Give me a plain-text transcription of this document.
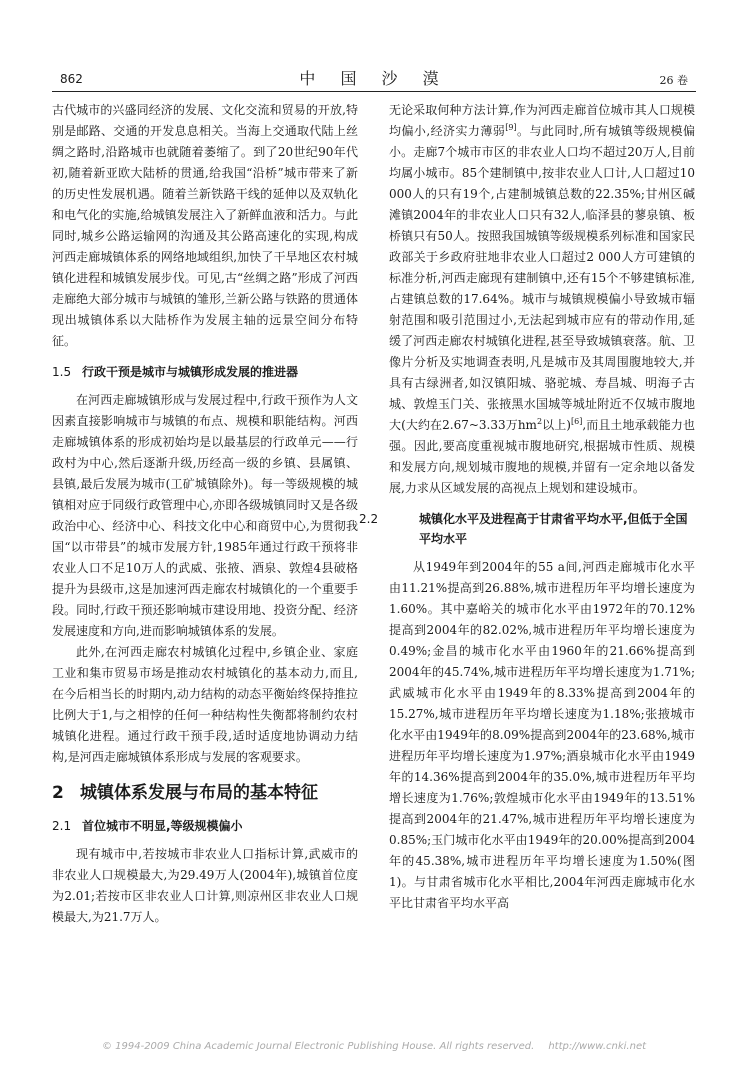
862	中 国 沙 漠	26 卷

古代城市的兴盛同经济的发展、文化交流和贸易的开放,特别是邮路、交通的开发息息相关。当海上交通取代陆上丝绸之路时,沿路城市也就随着萎缩了。到了20世纪90年代初,随着新亚欧大陆桥的贯通,给我国“沿桥”城市带来了新的历史性发展机遇。随着兰新铁路干线的延伸以及双轨化和电气化的实施,给城镇发展注入了新鲜血液和活力。与此同时,城乡公路运输网的沟通及其公路高速化的实现,构成河西走廊城镇体系的网络地域组织,加快了干旱地区农村城镇化进程和城镇发展步伐。可见,古“丝绸之路”形成了河西走廊绝大部分城市与城镇的雏形,兰新公路与铁路的贯通体现出城镇体系以大陆桥作为发展主轴的远景空间分布特征。

1.5 行政干预是城市与城镇形成发展的推进器

在河西走廊城镇形成与发展过程中,行政干预作为人文因素直接影响城市与城镇的布点、规模和职能结构。河西走廊城镇体系的形成初始均是以最基层的行政单元——行政村为中心,然后逐渐升级,历经高一级的乡镇、县属镇、县镇,最后发展为城市(工矿城镇除外)。每一等级规模的城镇相对应于同级行政管理中心,亦即各级城镇同时又是各级政治中心、经济中心、科技文化中心和商贸中心,为贯彻我国“以市带县”的城市发展方针,1985年通过行政干预将非农业人口不足10万人的武威、张掖、酒泉、敦煌4县破格提升为县级市,这是加速河西走廊农村城镇化的一个重要手段。同时,行政干预还影响城市建设用地、投资分配、经济发展速度和方向,进而影响城镇体系的发展。

此外,在河西走廊农村城镇化过程中,乡镇企业、家庭工业和集市贸易市场是推动农村城镇化的基本动力,而且,在今后相当长的时期内,动力结构的动态平衡始终保持推拉比例大于1,与之相悖的任何一种结构性失衡都将制约农村城镇化进程。通过行政干预手段,适时适度地协调动力结构,是河西走廊城镇体系形成与发展的客观要求。

2 城镇体系发展与布局的基本特征
2.1 首位城市不明显,等级规模偏小

现有城市中,若按城市非农业人口指标计算,武威市的非农业人口规模最大,为29.49万人(2004年),城镇首位度为2.01;若按市区非农业人口计算,则凉州区非农业人口规模最大,为21.7万人。

无论采取何种方法计算,作为河西走廊首位城市其人口规模均偏小,经济实力薄弱[9]。与此同时,所有城镇等级规模偏小。走廊7个城市市区的非农业人口均不超过20万人,目前均属小城市。85个建制镇中,按非农业人口计,人口超过10 000人的只有19个,占建制城镇总数的22.35%;甘州区碱滩镇2004年的非农业人口只有32人,临泽县的蓼泉镇、板桥镇只有50人。按照我国城镇等级规模系列标准和国家民政部关于乡政府驻地非农业人口超过2 000人方可建镇的标准分析,河西走廊现有建制镇中,还有15个不够建镇标准,占建镇总数的17.64%。城市与城镇规模偏小导致城市辐射范围和吸引范围过小,无法起到城市应有的带动作用,延缓了河西走廊农村城镇化进程,甚至导致城镇衰落。航、卫像片分析及实地调查表明,凡是城市及其周围腹地较大,并具有古绿洲者,如汉镇阳城、骆驼城、寿昌城、明海子古城、敦煌玉门关、张掖黑水国城等城址附近不仅城市腹地大(大约在2.67~3.33万$hm^2$以上)[6],而且土地承载能力也强。因此,要高度重视城市腹地研究,根据城市性质、规模和发展方向,规划城市腹地的规模,并留有一定余地以备发展,力求从区域发展的高视点上规划和建设城市。

2.2	城镇化水平及进程高于甘肃省平均水平,但低于全国平均水平

从1949年到2004年的55 a间,河西走廊城市化水平由11.21%提高到26.88%,城市进程历年平均增长速度为1.60%。其中嘉峪关的城市化水平由1972年的70.12%提高到2004年的82.02%,城市进程历年平均增长速度为0.49%;金昌的城市化水平由1960年的21.66%提高到2004年的45.74%,城市进程历年平均增长速度为1.71%;武威城市化水平由1949年的8.33%提高到2004年的15.27%,城市进程历年平均增长速度为1.18%;张掖城市化水平由1949年的8.09%提高到2004年的23.68%,城市进程历年平均增长速度为1.97%;酒泉城市化水平由1949年的14.36%提高到2004年的35.0%,城市进程历年平均增长速度为1.76%;敦煌城市化水平由1949年的13.51%提高到2004年的21.47%,城市进程历年平均增长速度为0.85%;玉门城市化水平由1949年的20.00%提高到2004年的45.38%,城市进程历年平均增长速度为1.50%(图1)。与甘肃省城市化水平相比,2004年河西走廊城市化水平比甘肃省平均水平高

© 1994-2009 China Academic Journal Electronic Publishing House. All rights reserved. http://www.cnki.net
